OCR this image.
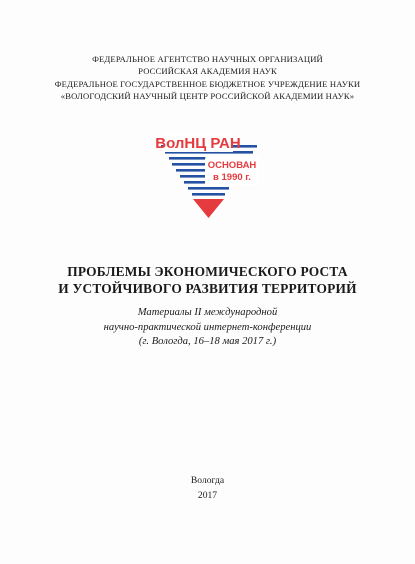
ФЕДЕРАЛЬНОЕ АГЕНТСТВО НАУЧНЫХ ОРГАНИЗАЦИЙ
РОССИЙСКАЯ АКАДЕМИЯ НАУК
ФЕДЕРАЛЬНОЕ ГОСУДАРСТВЕННОЕ БЮДЖЕТНОЕ УЧРЕЖДЕНИЕ НАУКИ
«ВОЛОГОДСКИЙ НАУЧНЫЙ ЦЕНТР РОССИЙСКОЙ АКАДЕМИИ НАУК»
ВолНЦ РАН
ОСНОВАН
в 1990 г.
ПРОБЛЕМЫ ЭКОНОМИЧЕСКОГО РОСТА
И УСТОЙЧИВОГО РАЗВИТИЯ ТЕРРИТОРИЙ
Материалы II международной
научно-практической интернет-конференции
(г. Вологда, 16–18 мая 2017 г.)
Вологда
2017
